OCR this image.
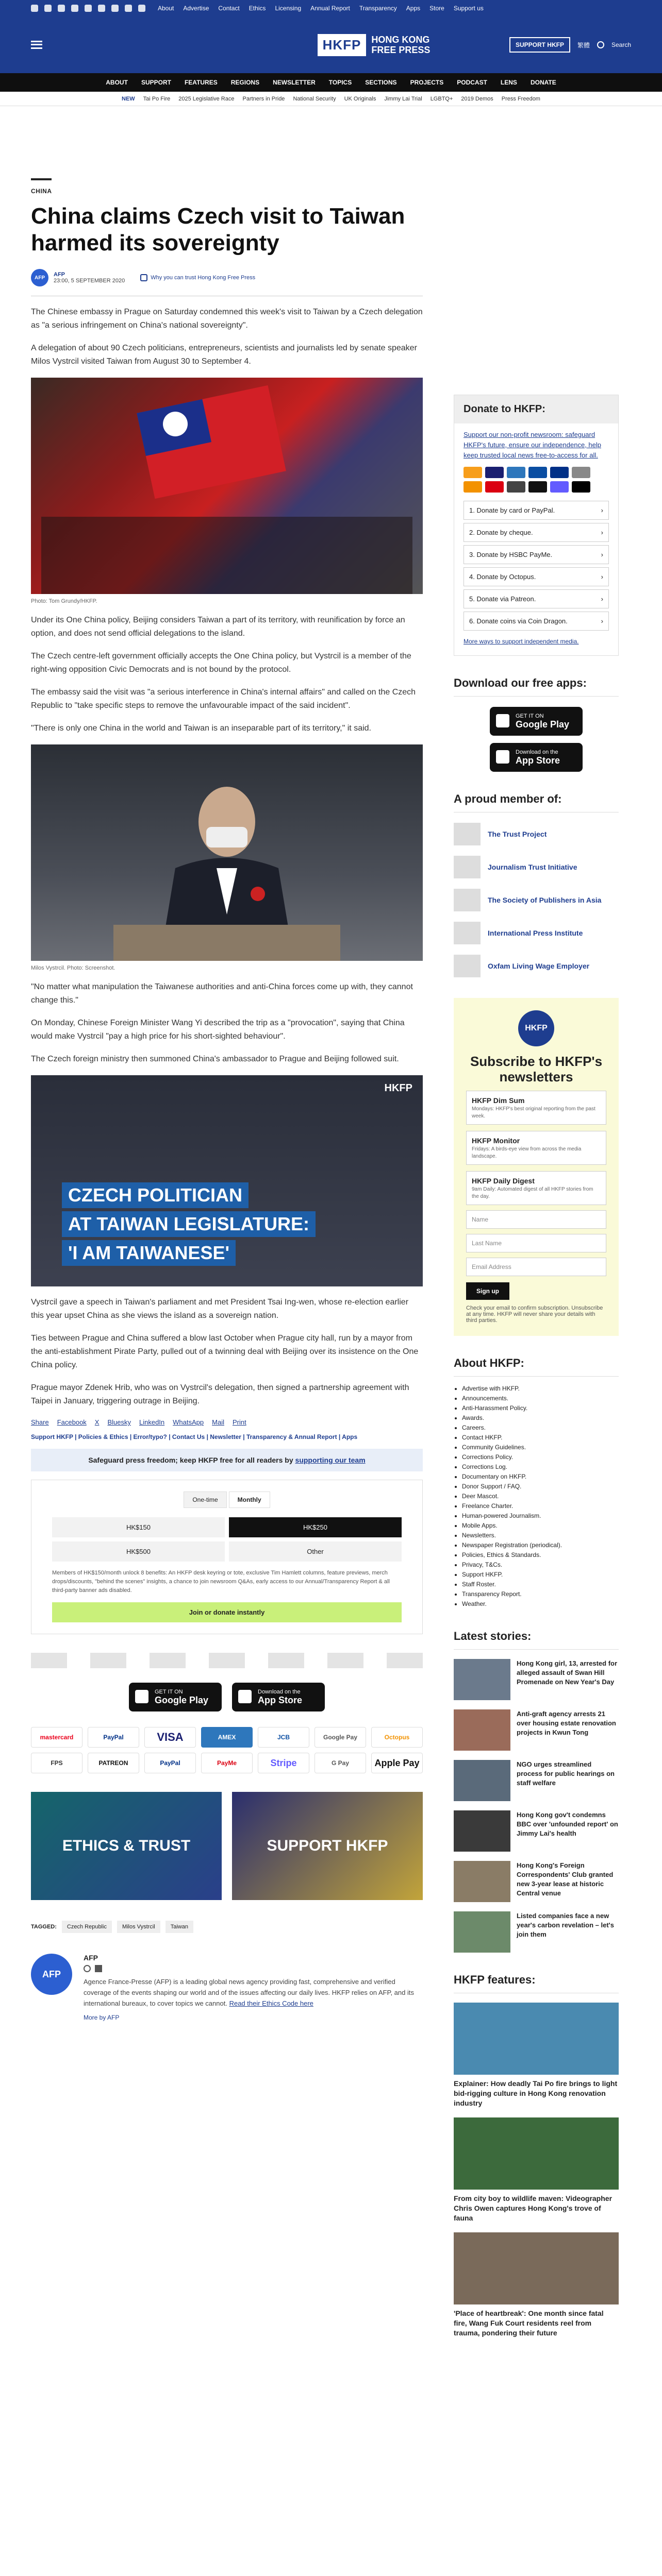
About Advertise Contact Ethics Licensing Annual Report Transparency Apps Store Support us
HKFP	HONG KONG
FREE PRESS	SUPPORT HKFP	繁體	Search
ABOUT SUPPORT FEATURES REGIONS NEWSLETTER TOPICS SECTIONS PROJECTS PODCAST LENS DONATE
NEW Tai Po Fire 2025 Legislative Race Partners in Pride National Security UK Originals Jimmy Lai Trial LGBTQ+ 2019 Demos Press Freedom
CHINA
China claims Czech visit to Taiwan harmed its sovereignty
AFP	AFP
23:00, 5 SEPTEMBER 2020	Why you can trust Hong Kong Free Press

The Chinese embassy in Prague on Saturday condemned this week's visit to Taiwan by a Czech delegation as "a serious infringement on China's national sovereignty".

A delegation of about 90 Czech politicians, entrepreneurs, scientists and journalists led by senate speaker Milos Vystrcil visited Taiwan from August 30 to September 4.

Photo: Tom Grundy/HKFP.

Under its One China policy, Beijing considers Taiwan a part of its territory, with reunification by force an option, and does not send official delegations to the island.

The Czech centre-left government officially accepts the One China policy, but Vystrcil is a member of the right-wing opposition Civic Democrats and is not bound by the protocol.

The embassy said the visit was "a serious interference in China's internal affairs" and called on the Czech Republic to "take specific steps to remove the unfavourable impact of the said incident".

"There is only one China in the world and Taiwan is an inseparable part of its territory," it said.

Milos Vystrcil. Photo: Screenshot.

"No matter what manipulation the Taiwanese authorities and anti-China forces come up with, they cannot change this."

On Monday, Chinese Foreign Minister Wang Yi described the trip as a "provocation", saying that China would make Vystrcil "pay a high price for his short-sighted behaviour".

The Czech foreign ministry then summoned China's ambassador to Prague and Beijing followed suit.

HKFP
CZECH POLITICIAN
AT TAIWAN LEGISLATURE:
'I AM TAIWANESE'

Vystrcil gave a speech in Taiwan's parliament and met President Tsai Ing-wen, whose re-election earlier this year upset China as she views the island as a sovereign nation.

Ties between Prague and China suffered a blow last October when Prague city hall, run by a mayor from the anti-establishment Pirate Party, pulled out of a twinning deal with Beijing over its insistence on the One China policy.

Prague mayor Zdenek Hrib, who was on Vystrcil's delegation, then signed a partnership agreement with Taipei in January, triggering outrage in Beijing.

Share Facebook X Bluesky LinkedIn WhatsApp Mail Print
Support HKFP | Policies & Ethics | Error/typo? | Contact Us | Newsletter | Transparency & Annual Report | Apps
Safeguard press freedom; keep HKFP free for all readers by supporting our team
One-time	Monthly
HK$150	HK$250
HK$500	Other
Members of HK$150/month unlock 8 benefits: An HKFP desk keyring or tote, exclusive Tim Hamlett columns, feature previews, merch drops/discounts, "behind the scenes" insights, a chance to join newsroom Q&As, early access to our Annual/Transparency Report & all third-party banner ads disabled.
Join or donate instantly
GET IT ON
Google Play
Download on the
App Store
mastercard	PayPal	VISA	AMEX	JCB	Google Pay	Octopus
FPS	PATREON	PayPal	PayMe	Stripe	G Pay	Apple Pay
ETHICS & TRUST	SUPPORT HKFP
TAGGED:	Czech Republic	Milos Vystrcil	Taiwan
AFP
AFP
Agence France-Presse (AFP) is a leading global news agency providing fast, comprehensive and verified coverage of the events shaping our world and of the issues affecting our daily lives. HKFP relies on AFP, and its international bureaux, to cover topics we cannot. Read their Ethics Code here
More by AFP
Donate to HKFP:
Support our non-profit newsroom: safeguard HKFP's future, ensure our independence, help keep trusted local news free-to-access for all.
1. Donate by card or PayPal.	›
2. Donate by cheque.	›
3. Donate by HSBC PayMe.	›
4. Donate by Octopus.	›
5. Donate via Patreon.	›
6. Donate coins via Coin Dragon.	›
More ways to support independent media.
Download our free apps:
GET IT ON
Google Play
Download on the
App Store
A proud member of:
The Trust Project
Journalism Trust Initiative
The Society of Publishers in Asia
International Press Institute
Oxfam Living Wage Employer
HKFP
Subscribe to HKFP's newsletters
HKFP Dim Sum
Mondays: HKFP's best original reporting from the past week.
HKFP Monitor
Fridays: A birds-eye view from across the media landscape.
HKFP Daily Digest
9am Daily: Automated digest of all HKFP stories from the day.
Name
Last Name
Email Address
Sign up
Check your email to confirm subscription. Unsubscribe at any time. HKFP will never share your details with third parties.
About HKFP:
• Advertise with HKFP.
• Announcements.
• Anti-Harassment Policy.
• Awards.
• Careers.
• Contact HKFP.
• Community Guidelines.
• Corrections Policy.
• Corrections Log.
• Documentary on HKFP.
• Donor Support / FAQ.
• Deer Mascot.
• Freelance Charter.
• Human-powered Journalism.
• Mobile Apps.
• Newsletters.
• Newspaper Registration (periodical).
• Policies, Ethics & Standards.
• Privacy, T&Cs.
• Support HKFP.
• Staff Roster.
• Transparency Report.
• Weather.
Latest stories:
Hong Kong girl, 13, arrested for alleged assault of Swan Hill Promenade on New Year's Day
Anti-graft agency arrests 21 over housing estate renovation projects in Kwun Tong
NGO urges streamlined process for public hearings on staff welfare
Hong Kong gov't condemns BBC over 'unfounded report' on Jimmy Lai's health
Hong Kong's Foreign Correspondents' Club granted new 3-year lease at historic Central venue
Listed companies face a new year's carbon revelation – let's join them
HKFP features:
Explainer: How deadly Tai Po fire brings to light bid-rigging culture in Hong Kong renovation industry
From city boy to wildlife maven: Videographer Chris Owen captures Hong Kong's trove of fauna
'Place of heartbreak': One month since fatal fire, Wang Fuk Court residents reel from trauma, pondering their future
